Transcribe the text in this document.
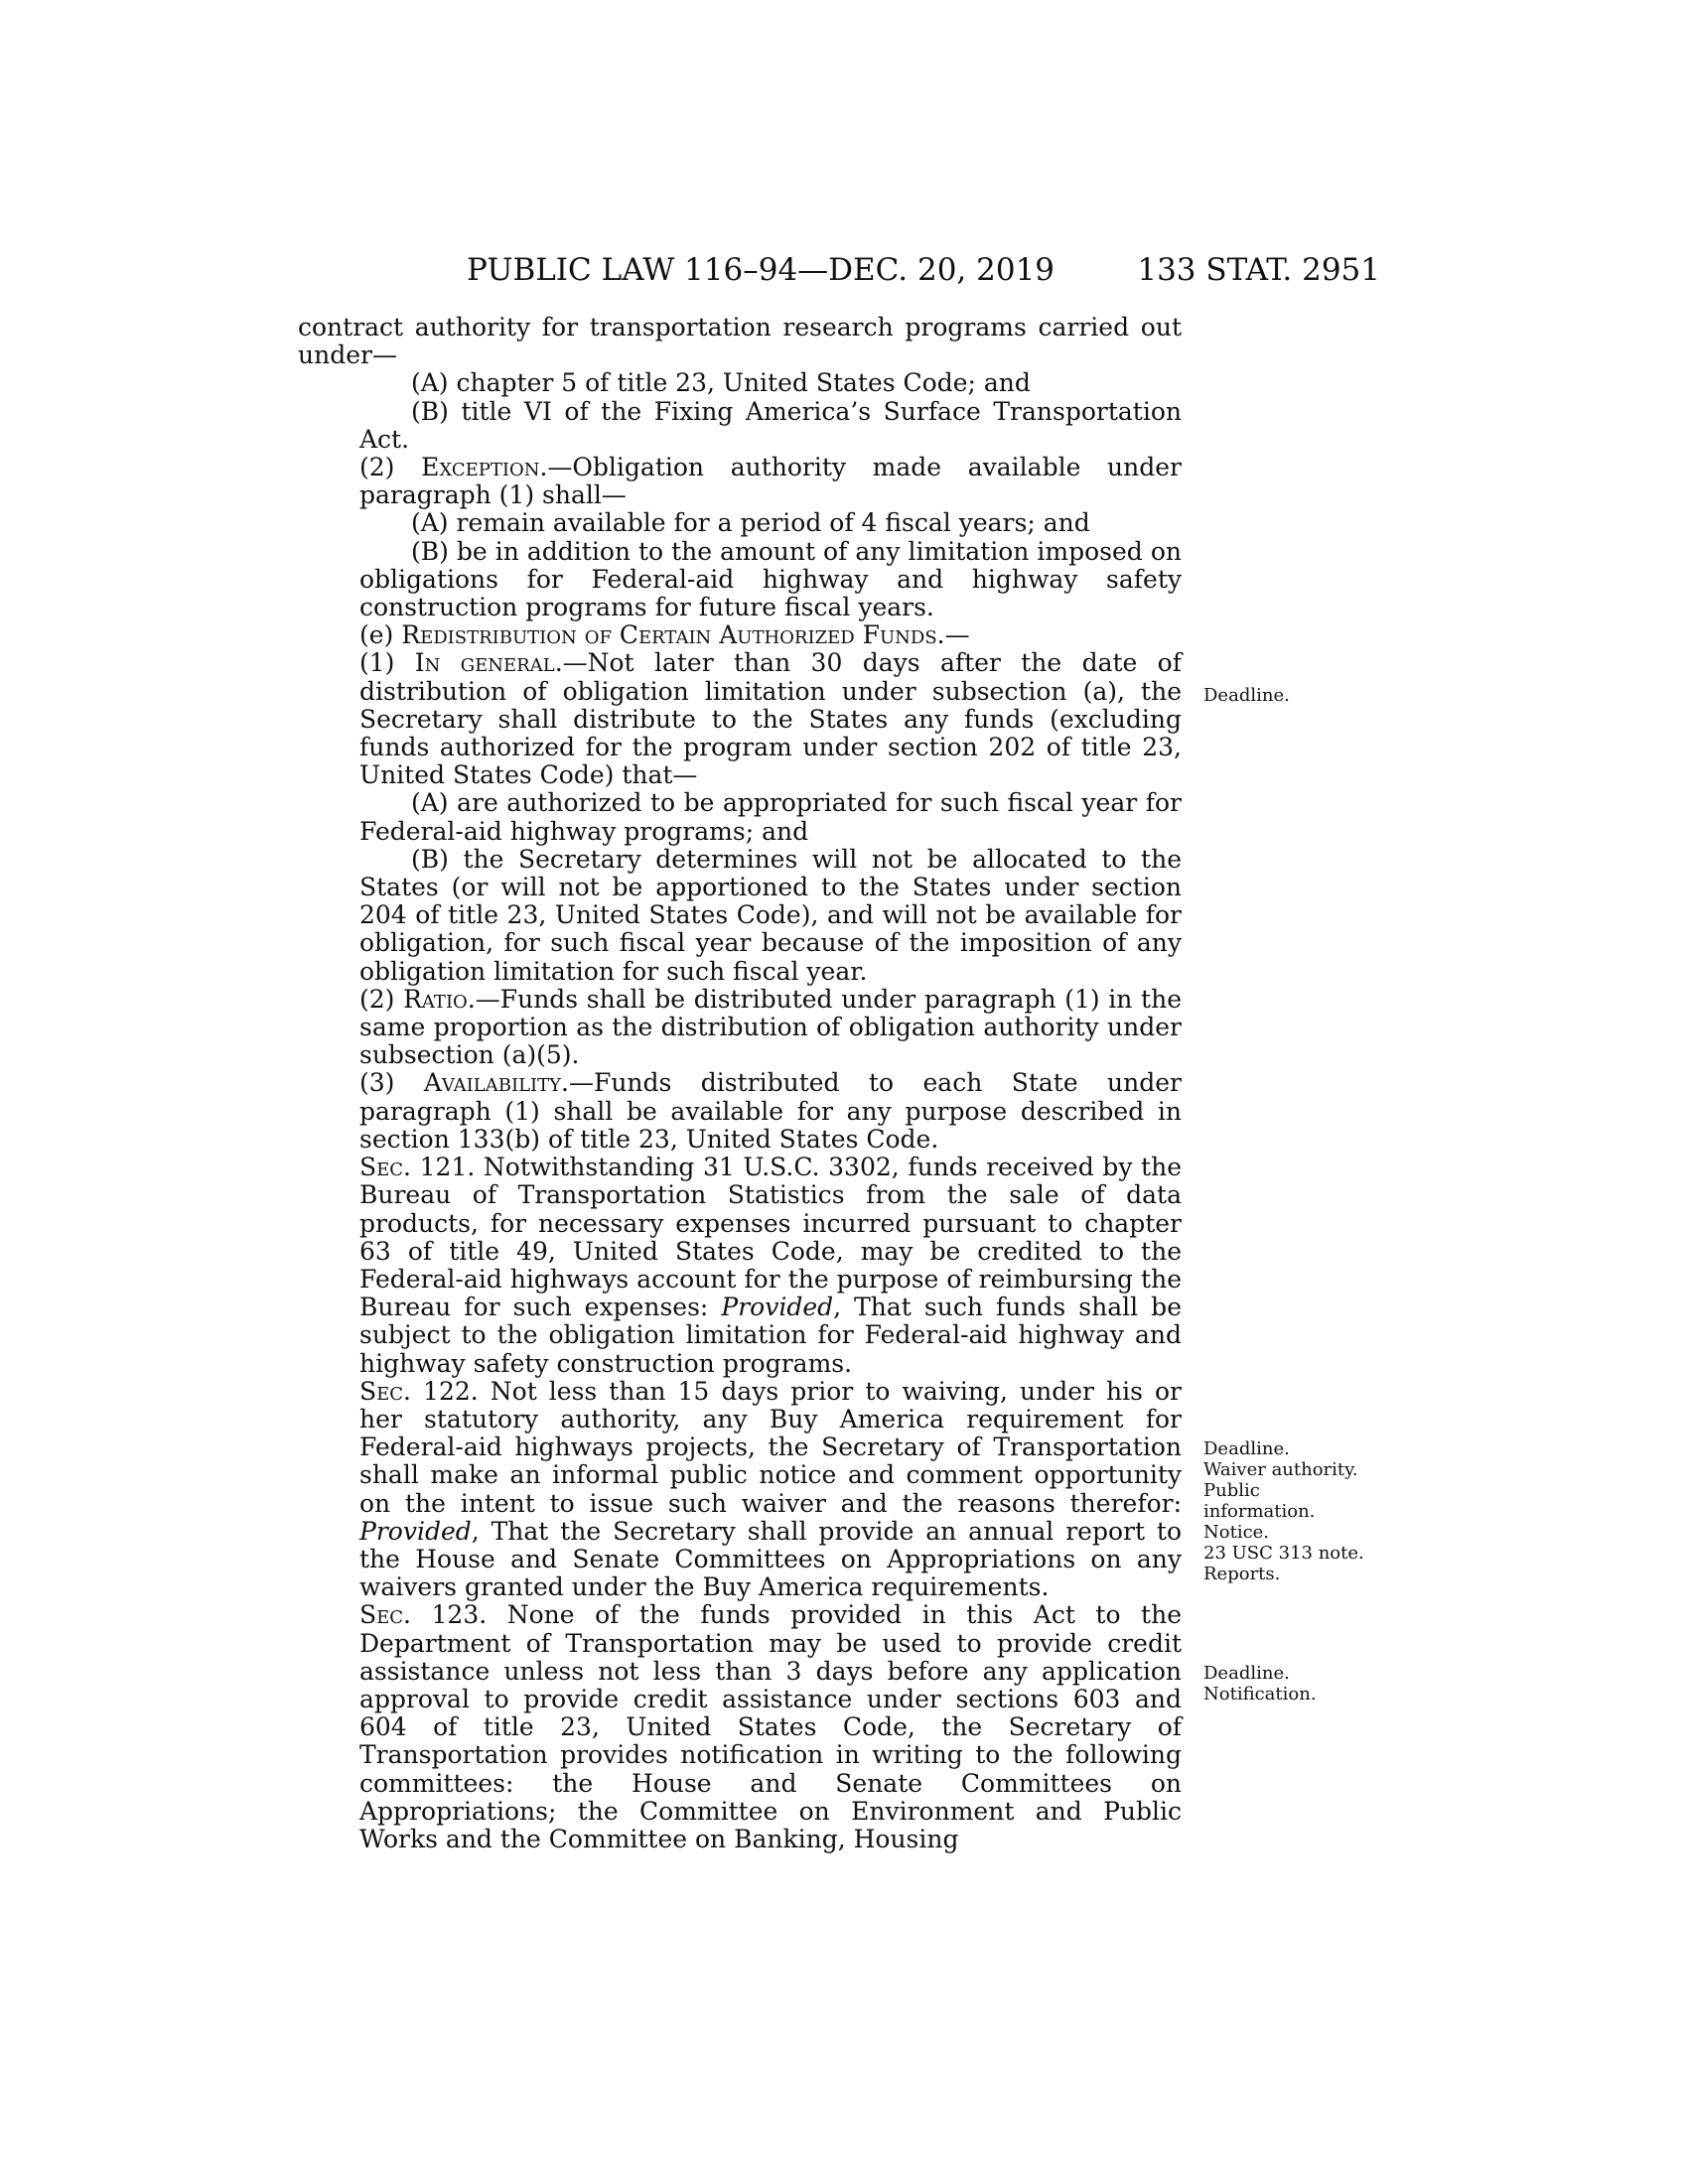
PUBLIC LAW 116–94—DEC. 20, 2019	133 STAT. 2951

contract authority for transportation research programs carried out under—

(A) chapter 5 of title 23, United States Code; and

(B) title VI of the Fixing America’s Surface Transportation Act.

(2) Exception.—Obligation authority made available under paragraph (1) shall—

(A) remain available for a period of 4 fiscal years; and

(B) be in addition to the amount of any limitation imposed on obligations for Federal-aid highway and highway safety construction programs for future fiscal years.

(e) Redistribution of Certain Authorized Funds.—

(1) In general.—Not later than 30 days after the date of distribution of obligation limitation under subsection (a), the Secretary shall distribute to the States any funds (excluding funds authorized for the program under section 202 of title 23, United States Code) that—

(A) are authorized to be appropriated for such fiscal year for Federal-aid highway programs; and

(B) the Secretary determines will not be allocated to the States (or will not be apportioned to the States under section 204 of title 23, United States Code), and will not be available for obligation, for such fiscal year because of the imposition of any obligation limitation for such fiscal year.

(2) Ratio.—Funds shall be distributed under paragraph (1) in the same proportion as the distribution of obligation authority under subsection (a)(5).

(3) Availability.—Funds distributed to each State under paragraph (1) shall be available for any purpose described in section 133(b) of title 23, United States Code.

Sec. 121. Notwithstanding 31 U.S.C. 3302, funds received by the Bureau of Transportation Statistics from the sale of data products, for necessary expenses incurred pursuant to chapter 63 of title 49, United States Code, may be credited to the Federal-aid highways account for the purpose of reimbursing the Bureau for such expenses: Provided, That such funds shall be subject to the obligation limitation for Federal-aid highway and highway safety construction programs.

Sec. 122. Not less than 15 days prior to waiving, under his or her statutory authority, any Buy America requirement for Federal-aid highways projects, the Secretary of Transportation shall make an informal public notice and comment opportunity on the intent to issue such waiver and the reasons therefor: Provided, That the Secretary shall provide an annual report to the House and Senate Committees on Appropriations on any waivers granted under the Buy America requirements.

Sec. 123. None of the funds provided in this Act to the Department of Transportation may be used to provide credit assistance unless not less than 3 days before any application approval to provide credit assistance under sections 603 and 604 of title 23, United States Code, the Secretary of Transportation provides notification in writing to the following committees: the House and Senate Committees on Appropriations; the Committee on Environment and Public Works and the Committee on Banking, Housing

Deadline.
Deadline.
Waiver authority.
Public
information.
Notice.
23 USC 313 note.
Reports.
Deadline.
Notification.
